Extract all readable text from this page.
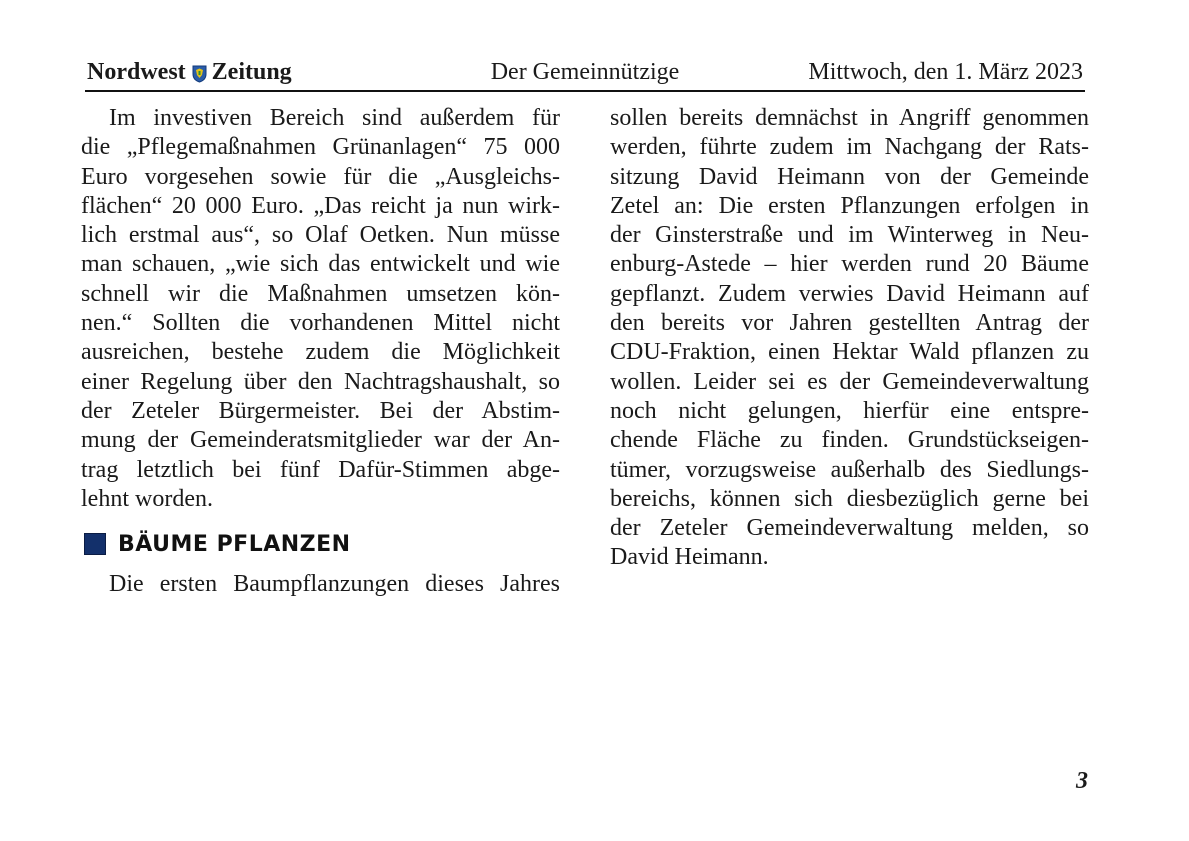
Nordwest Zeitung	Der Gemeinnützige	Mittwoch, den 1. März 2023
Im investiven Bereich sind außerdem für
die „Pflegemaßnahmen Grünanlagen“ 75 000
Euro vorgesehen sowie für die „Ausgleichs-
flächen“ 20 000 Euro. „Das reicht ja nun wirk-
lich erstmal aus“, so Olaf Oetken. Nun müsse
man schauen, „wie sich das entwickelt und wie
schnell wir die Maßnahmen umsetzen kön-
nen.“ Sollten die vorhandenen Mittel nicht
ausreichen, bestehe zudem die Möglichkeit
einer Regelung über den Nachtragshaushalt, so
der Zeteler Bürgermeister. Bei der Abstim-
mung der Gemeinderatsmitglieder war der An-
trag letztlich bei fünf Dafür-Stimmen abge-
lehnt worden.
BÄUME PFLANZEN
Die ersten Baumpflanzungen dieses Jahres
sollen bereits demnächst in Angriff genommen
werden, führte zudem im Nachgang der Rats-
sitzung David Heimann von der Gemeinde
Zetel an: Die ersten Pflanzungen erfolgen in
der Ginsterstraße und im Winterweg in Neu-
enburg-Astede – hier werden rund 20 Bäume
gepflanzt. Zudem verwies David Heimann auf
den bereits vor Jahren gestellten Antrag der
CDU-Fraktion, einen Hektar Wald pflanzen zu
wollen. Leider sei es der Gemeindeverwaltung
noch nicht gelungen, hierfür eine entspre-
chende Fläche zu finden. Grundstückseigen-
tümer, vorzugsweise außerhalb des Siedlungs-
bereichs, können sich diesbezüglich gerne bei
der Zeteler Gemeindeverwaltung melden, so
David Heimann.
3
